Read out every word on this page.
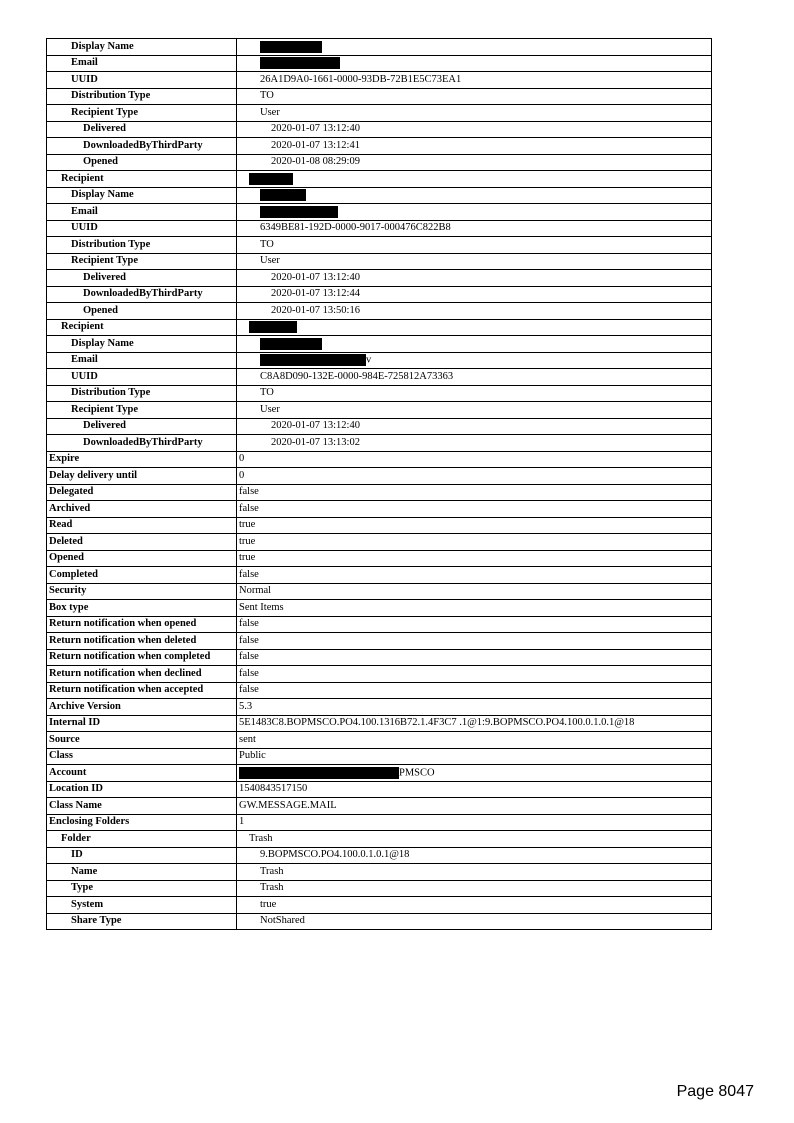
Display Name	
Email	
UUID	26A1D9A0-1661-0000-93DB-72B1E5C73EA1
Distribution Type	TO
Recipient Type	User
Delivered	2020-01-07 13:12:40
DownloadedByThirdParty	2020-01-07 13:12:41
Opened	2020-01-08 08:29:09
Recipient	
Display Name	
Email	
UUID	6349BE81-192D-0000-9017-000476C822B8
Distribution Type	TO
Recipient Type	User
Delivered	2020-01-07 13:12:40
DownloadedByThirdParty	2020-01-07 13:12:44
Opened	2020-01-07 13:50:16
Recipient	
Display Name	
Email	v
UUID	C8A8D090-132E-0000-984E-725812A73363
Distribution Type	TO
Recipient Type	User
Delivered	2020-01-07 13:12:40
DownloadedByThirdParty	2020-01-07 13:13:02
Expire	0
Delay delivery until	0
Delegated	false
Archived	false
Read	true
Deleted	true
Opened	true
Completed	false
Security	Normal
Box type	Sent Items
Return notification when opened	false
Return notification when deleted	false
Return notification when completed	false
Return notification when declined	false
Return notification when accepted	false
Archive Version	5.3
Internal ID	5E1483C8.BOPMSCO.PO4.100.1316B72.1.4F3C7 .1@1:9.BOPMSCO.PO4.100.0.1.0.1@18
Source	sent
Class	Public
Account	PMSCO
Location ID	1540843517150
Class Name	GW.MESSAGE.MAIL
Enclosing Folders	1
Folder	Trash
ID	9.BOPMSCO.PO4.100.0.1.0.1@18
Name	Trash
Type	Trash
System	true
Share Type	NotShared
Page 8047
